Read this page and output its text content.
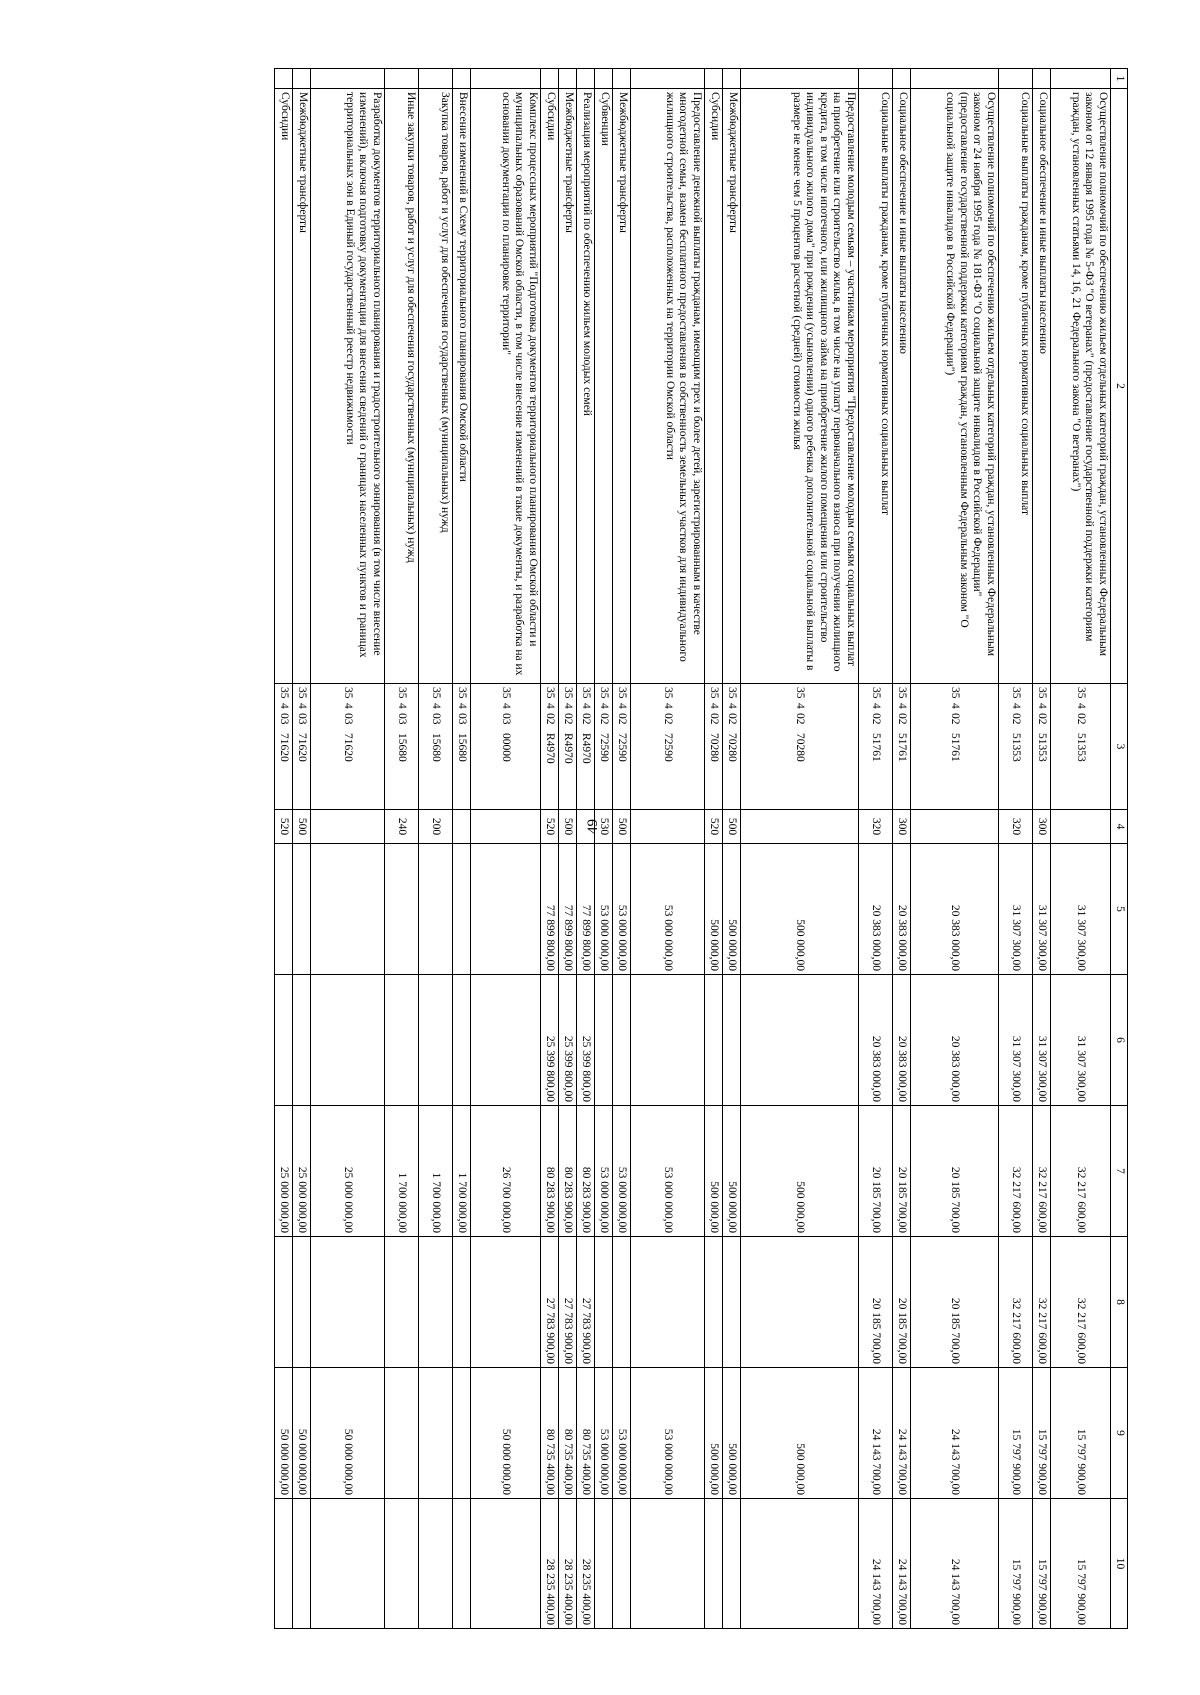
49
1	2	3	4	5	6	7	8	9	10
	Осуществление полномочий по обеспечению жильем отдельных категорий граждан, установленных Федеральным законом от 12 января 1995 года № 5-ФЗ "О ветеранах" (предоставление государственной поддержки категориям граждан, установленных статьями 14, 16, 21 Федерального закона "О ветеранах")	3540251353		31 307 300,00	31 307 300,00	32 217 600,00	32 217 600,00	15 797 900,00	15 797 900,00
	Социальное обеспечение и иные выплаты населению	3540251353	300	31 307 300,00	31 307 300,00	32 217 600,00	32 217 600,00	15 797 900,00	15 797 900,00
	Социальные выплаты гражданам, кроме публичных нормативных социальных выплат	3540251353	320	31 307 300,00	31 307 300,00	32 217 600,00	32 217 600,00	15 797 900,00	15 797 900,00
	Осуществление полномочий по обеспечению жильем отдельных категорий граждан, установленных Федеральным законом от 24 ноября 1995 года № 181-ФЗ "О социальной защите инвалидов в Российской Федерации" (предоставление государственной поддержки категориям граждан, установленным Федеральным законом "О социальной защите инвалидов в Российской Федерации")	3540251761		20 383 000,00	20 383 000,00	20 185 700,00	20 185 700,00	24 143 700,00	24 143 700,00
	Социальное обеспечение и иные выплаты населению	3540251761	300	20 383 000,00	20 383 000,00	20 185 700,00	20 185 700,00	24 143 700,00	24 143 700,00
	Социальные выплаты гражданам, кроме публичных нормативных социальных выплат	3540251761	320	20 383 000,00	20 383 000,00	20 185 700,00	20 185 700,00	24 143 700,00	24 143 700,00
	Предоставление молодым семьям – участникам мероприятия "Предоставление молодым семьям социальных выплат на приобретение или строительство жилья, в том числе на уплату первоначального взноса при получении жилищного кредита, в том числе ипотечного, или жилищного займа на приобретение жилого помещения или строительство индивидуального жилого дома" при рождении (усыновлении) одного ребенка дополнительной социальной выплаты в размере не менее чем 5 процентов расчетной (средней) стоимости жилья	3540270280		500 000,00		500 000,00		500 000,00	
	Межбюджетные трансферты	3540270280	500	500 000,00		500 000,00		500 000,00	
	Субсидии	3540270280	520	500 000,00		500 000,00		500 000,00	
	Предоставление денежной выплаты гражданам, имеющим трех и более детей, зарегистрированным в качестве многодетной семьи, взамен бесплатного предоставления в собственность земельных участков для индивидуального жилищного строительства, расположенных на территории Омской области	3540272590		53 000 000,00		53 000 000,00		53 000 000,00	
	Межбюджетные трансферты	3540272590	500	53 000 000,00		53 000 000,00		53 000 000,00	
	Субвенции	3540272590	530	53 000 000,00		53 000 000,00		53 000 000,00	
	Реализация мероприятий по обеспечению жильем молодых семей	35402R4970		77 899 800,00	25 399 800,00	80 283 900,00	27 783 900,00	80 735 400,00	28 235 400,00
	Межбюджетные трансферты	35402R4970	500	77 899 800,00	25 399 800,00	80 283 900,00	27 783 900,00	80 735 400,00	28 235 400,00
	Субсидии	35402R4970	520	77 899 800,00	25 399 800,00	80 283 900,00	27 783 900,00	80 735 400,00	28 235 400,00
	Комплекс процессных мероприятий "Подготовка документов территориального планирования Омской области и муниципальных образований Омской области, в том числе внесение изменений в такие документы, и разработка на их основании документации по планировке территории"	3540300000				26 700 000,00		50 000 000,00	
	Внесение изменений в Схему территориального планирования Омской области	3540315680				1 700 000,00			
	Закупка товаров, работ и услуг для обеспечения государственных (муниципальных) нужд	3540315680	200			1 700 000,00			
	Иные закупки товаров, работ и услуг для обеспечения государственных (муниципальных) нужд	3540315680	240			1 700 000,00			
	Разработка документов территориального планирования и градостроительного зонирования (в том числе внесение изменений), включая подготовку документации для внесения сведений о границах населенных пунктов и границах территориальных зон в Единый государственный реестр недвижимости	3540371620				25 000 000,00		50 000 000,00	
	Межбюджетные трансферты	3540371620	500			25 000 000,00		50 000 000,00	
	Субсидии	3540371620	520			25 000 000,00		50 000 000,00	
